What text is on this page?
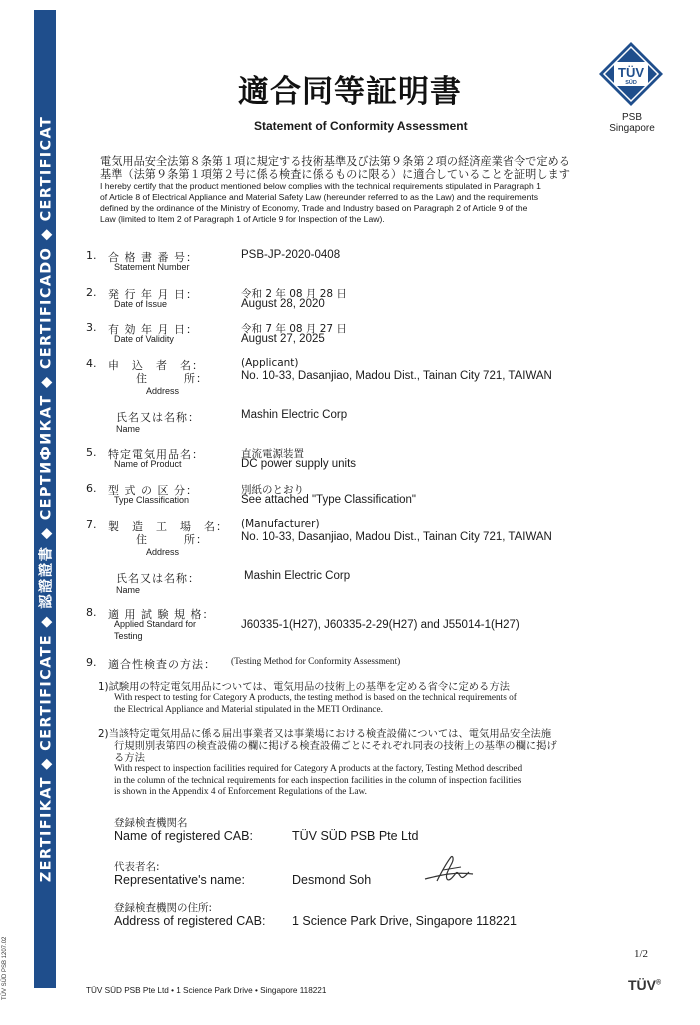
ZERTIFIKAT ◆ CERTIFICATE ◆ 認證證書 ◆ СЕРТИФИКАТ ◆ CERTIFICADO ◆ CERTIFICAT
TÜV SÜD PSB 1207.02
適合同等証明書
Statement of Conformity Assessment
TÜV
SÜD
PSB Singapore
電気用品安全法第８条第１項に規定する技術基準及び法第９条第２項の経済産業省令で定める
基準（法第９条第１項第２号に係る検査に係るものに限る）に適合していることを証明します
I hereby certify that the product mentioned below complies with the technical requirements stipulated in Paragraph 1
of Article 8 of Electrical Appliance and Material Safety Law (hereunder referred to as the Law) and the requirements
defined by the ordinance of the Ministry of Economy, Trade and Industry based on Paragraph 2 of Article 9 of the
Law (limited to Item 2 of Paragraph 1 of Article 9 for Inspection of the Law).
1. 合 格 書 番 号：
Statement Number
PSB-JP-2020-0408
2. 発 行 年 月 日：
Date of Issue
令和 2 年 08 月 28 日
August 28, 2020
3. 有 効 年 月 日：
Date of Validity
令和 7 年 08 月 27 日
August 27, 2025
4. 申　込　者　名：	(Applicant)
住　　　所：	No. 10-33, Dasanjiao, Madou Dist., Tainan City 721, TAIWAN
Address
氏名又は名称：	Mashin Electric Corp
Name
5. 特定電気用品名：
Name of Product
直流電源装置
DC power supply units
6. 型 式 の 区 分：
Type Classification
別紙のとおり
See attached "Type Classification"
7. 製　造　工　場　名： (Manufacturer)
住　　　所：	No. 10-33, Dasanjiao, Madou Dist., Tainan City 721, TAIWAN
Address
氏名又は名称：	Mashin Electric Corp
Name
8. 適 用 試 験 規 格：
Applied Standard for
Testing
J60335-1(H27), J60335-2-29(H27) and J55014-1(H27)
9. 適合性検査の方法： (Testing Method for Conformity Assessment)
1)試験用の特定電気用品については、電気用品の技術上の基準を定める省令に定める方法
With respect to testing for Category A products, the testing method is based on the technical requirements of
the Electrical Appliance and Material stipulated in the METI Ordinance.
2)当該特定電気用品に係る届出事業者又は事業場における検査設備については、電気用品安全法施
行規則別表第四の検査設備の欄に掲げる検査設備ごとにそれぞれ同表の技術上の基準の欄に掲げ
る方法
With respect to inspection facilities required for Category A products at the factory, Testing Method described
in the column of the technical requirements for each inspection facilities in the column of inspection facilities
is shown in the Appendix 4 of Enforcement Regulations of the Law.
登録検査機関名
Name of registered CAB:	TÜV SÜD PSB Pte Ltd
代表者名:
Representative's name:	Desmond Soh
登録検査機関の住所:
Address of registered CAB: 1 Science Park Drive, Singapore 118221
1/2
TÜV SÜD PSB Pte Ltd • 1 Science Park Drive • Singapore 118221	TÜV®
